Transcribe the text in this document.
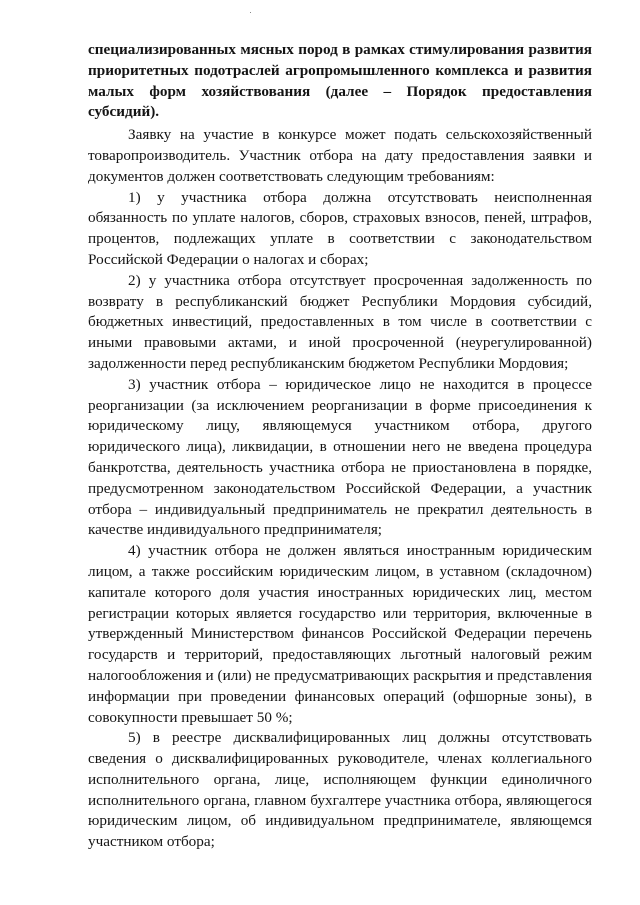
специализированных мясных пород в рамках стимулирования развития приоритетных подотраслей агропромышленного комплекса и развития малых форм хозяйствования (далее – Порядок предоставления субсидий).

Заявку на участие в конкурсе может подать сельскохозяйственный товаропроизводитель. Участник отбора на дату предоставления заявки и документов должен соответствовать следующим требованиям:

1) у участника отбора должна отсутствовать неисполненная обязанность по уплате налогов, сборов, страховых взносов, пеней, штрафов, процентов, подлежащих уплате в соответствии с законодательством Российской Федерации о налогах и сборах;

2) у участника отбора отсутствует просроченная задолженность по возврату в республиканский бюджет Республики Мордовия субсидий, бюджетных инвестиций, предоставленных в том числе в соответствии с иными правовыми актами, и иной просроченной (неурегулированной) задолженности перед республиканским бюджетом Республики Мордовия;

3) участник отбора – юридическое лицо не находится в процессе реорганизации (за исключением реорганизации в форме присоединения к юридическому лицу, являющемуся участником отбора, другого юридического лица), ликвидации, в отношении него не введена процедура банкротства, деятельность участника отбора не приостановлена в порядке, предусмотренном законодательством Российской Федерации, а участник отбора – индивидуальный предприниматель не прекратил деятельность в качестве индивидуального предпринимателя;

4) участник отбора не должен являться иностранным юридическим лицом, а также российским юридическим лицом, в уставном (складочном) капитале которого доля участия иностранных юридических лиц, местом регистрации которых является государство или территория, включенные в утвержденный Министерством финансов Российской Федерации перечень государств и территорий, предоставляющих льготный налоговый режим налогообложения и (или) не предусматривающих раскрытия и представления информации при проведении финансовых операций (офшорные зоны), в совокупности превышает 50 %;

5) в реестре дисквалифицированных лиц должны отсутствовать сведения о дисквалифицированных руководителе, членах коллегиального исполнительного органа, лице, исполняющем функции единоличного исполнительного органа, главном бухгалтере участника отбора, являющегося юридическим лицом, об индивидуальном предпринимателе, являющемся участником отбора;
